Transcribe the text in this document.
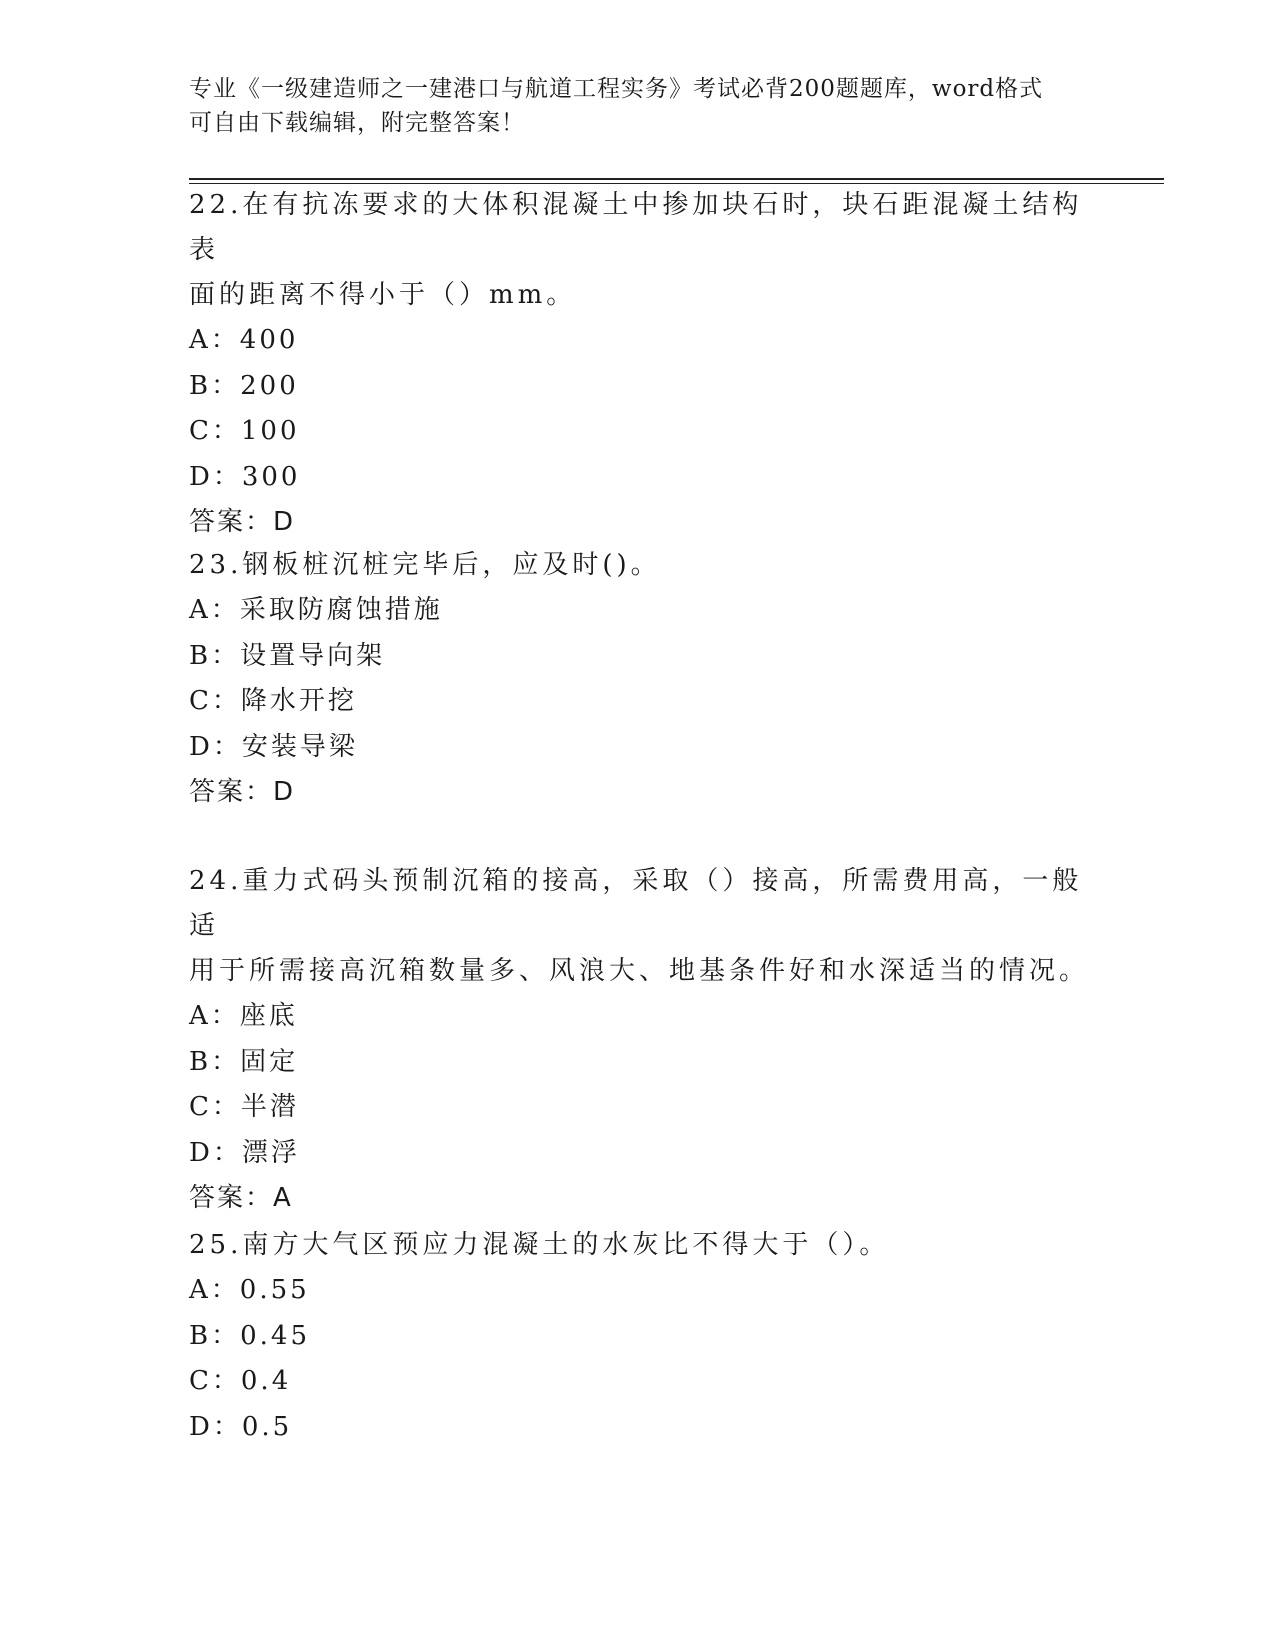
专业《一级建造师之一建港口与航道工程实务》考试必背200题题库，word格式
可自由下载编辑，附完整答案！
22.在有抗冻要求的大体积混凝土中掺加块石时，块石距混凝土结构表
面的距离不得小于（）mm。
A：400
B：200
C：100
D：300
答案：D
23.钢板桩沉桩完毕后，应及时()。
A：采取防腐蚀措施
B：设置导向架
C：降水开挖
D：安装导梁
答案：D
24.重力式码头预制沉箱的接高，采取（）接高，所需费用高，一般适
用于所需接高沉箱数量多、风浪大、地基条件好和水深适当的情况。
A：座底
B：固定
C：半潜
D：漂浮
答案：A
25.南方大气区预应力混凝土的水灰比不得大于（）。
A：0.55
B：0.45
C：0.4
D：0.5
